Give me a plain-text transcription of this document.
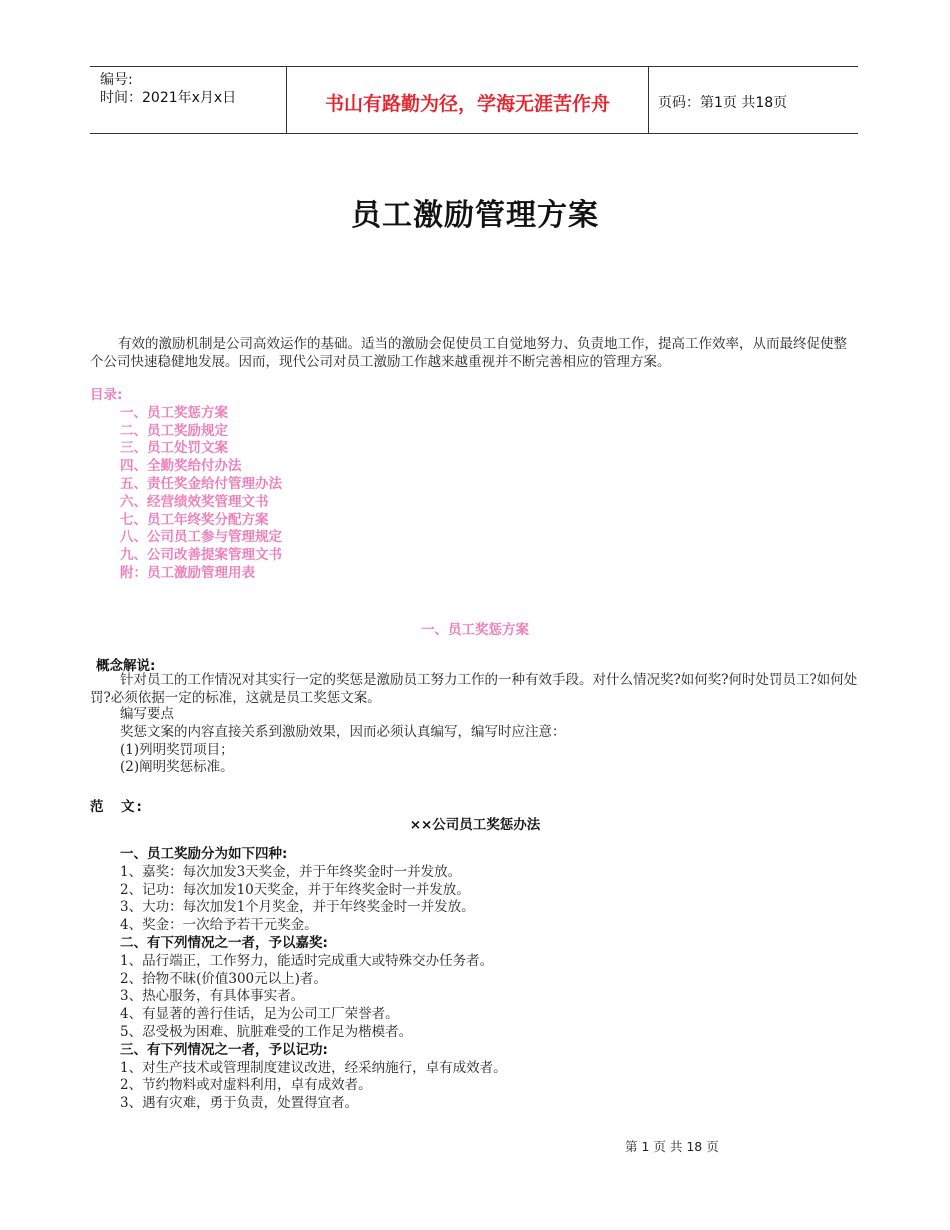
编号:
时间：2021年x月x日	书山有路勤为径，学海无涯苦作舟	页码：第1页 共18页
员工激励管理方案
有效的激励机制是公司高效运作的基础。适当的激励会促使员工自觉地努力、负责地工作，提高工作效率，从而最终促使整个公司快速稳健地发展。因而，现代公司对员工激励工作越来越重视并不断完善相应的管理方案。
目录:
一、员工奖惩方案
二、员工奖励规定
三、员工处罚文案
四、全勤奖给付办法
五、责任奖金给付管理办法
六、经营绩效奖管理文书
七、员工年终奖分配方案
八、公司员工参与管理规定
九、公司改善提案管理文书
附：员工激励管理用表
一、员工奖惩方案
概念解说:
针对员工的工作情况对其实行一定的奖惩是激励员工努力工作的一种有效手段。对什么情况奖?如何奖?何时处罚员工?如何处罚?必须依据一定的标准，这就是员工奖惩文案。
编写要点
奖惩文案的内容直接关系到激励效果，因而必须认真编写，编写时应注意：
(1)列明奖罚项目；
(2)阐明奖惩标准。
范　文:
××公司员工奖惩办法
一、员工奖励分为如下四种:
1、嘉奖：每次加发3天奖金，并于年终奖金时一并发放。
2、记功：每次加发10天奖金，并于年终奖金时一并发放。
3、大功：每次加发1个月奖金，并于年终奖金时一并发放。
4、奖金：一次给予若干元奖金。
二、有下列情况之一者，予以嘉奖:
1、品行端正，工作努力，能适时完成重大或特殊交办任务者。
2、拾物不昧(价值300元以上)者。
3、热心服务，有具体事实者。
4、有显著的善行佳话，足为公司工厂荣誉者。
5、忍受极为困难、肮脏难受的工作足为楷模者。
三、有下列情况之一者，予以记功:
1、对生产技术或管理制度建议改进，经采纳施行，卓有成效者。
2、节约物料或对虚料利用，卓有成效者。
3、遇有灾难，勇于负责，处置得宜者。
第 1 页 共 18 页
